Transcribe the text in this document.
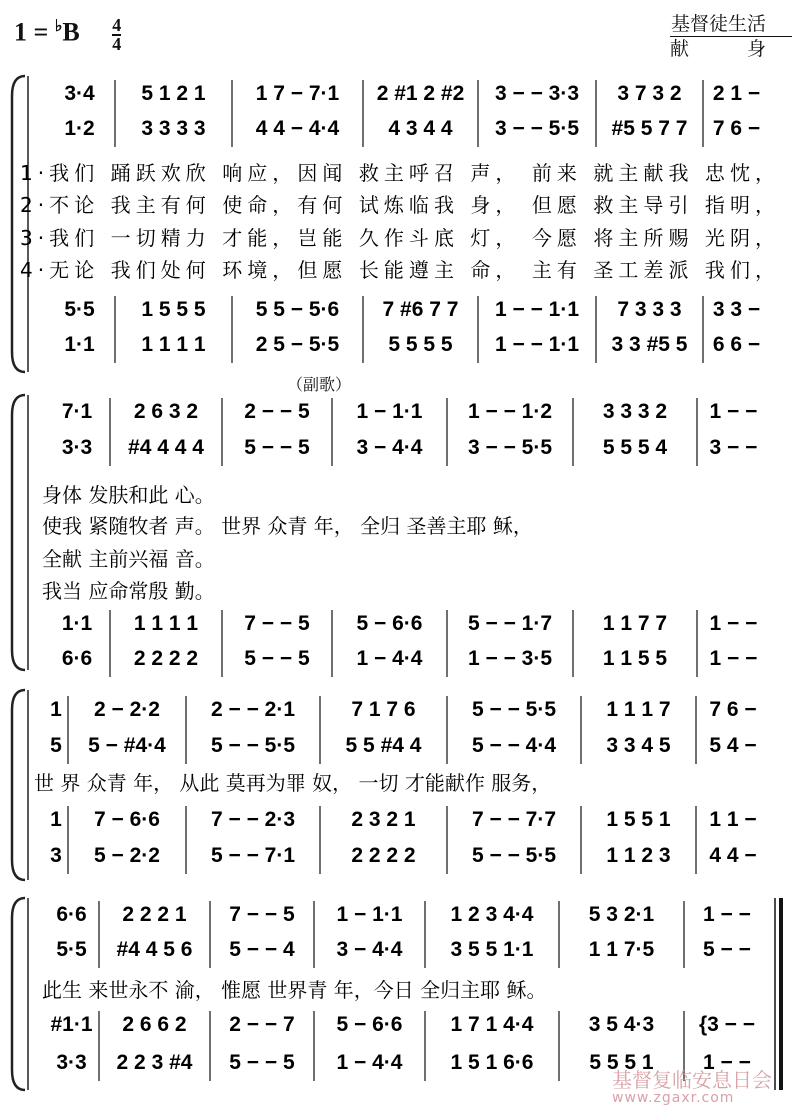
$1 = ^♭B \frac{4}{4}$	基督徒生活
献 身
（副歌）
3·4 5 1 2 1 1 7 − 7·1 2 #1 2 #2 3 − − 3·3 3 7 3 2 2 1 −
1·2 3 3 3 3 4 4 − 4·4 4 3 4 4 3 − − 5·5 #5 5 7 7 7 6 −
5·5 1 5 5 5 5 5 − 5·6 7 #6 7 7 1 − − 1·1 7 3 3 3 3 3 −
1·1 1 1 1 1 2 5 − 5·5 5 5 5 5 1 − − 1·1 3 3 #5 5 6 6 −
1·我们 踊跃欢欣 响应，因闻 救主呼召 声， 前来 就主献我 忠忱，
2·不论 我主有何 使命，有何 试炼临我 身， 但愿 救主导引 指明，
3·我们 一切精力 才能，岂能 久作斗底 灯， 今愿 将主所赐 光阴，
4·无论 我们处何 环境，但愿 长能遵主 命， 主有 圣工差派 我们，
7·1 2 6 3 2 2 − − 5 1 − 1·1 1 − − 1·2 3 3 3 2 1 − −
3·3 #4 4 4 4 5 − − 5 3 − 4·4 3 − − 5·5 5 5 5 4 3 − −
1·1 1 1 1 1 7 − − 5 5 − 6·6 5 − − 1·7 1 1 7 7 1 − −
6·6 2 2 2 2 5 − − 5 1 − 4·4 1 − − 3·5 1 1 5 5 1 − −
身体 发肤和此 心。
使我 紧随牧者 声。 世界 众青 年， 全归 圣善主耶 稣，
全献 主前兴福 音。
我当 应命常殷 勤。
1 2 − 2·2 2 − − 2·1	7 1 7 6	5 − − 5·5 1 1 1 7 7 6 −
5 5 − #4·4 5 − − 5·5 5 5 #4 4 5 − − 4·4 3 3 4 5 5 4 −
1 7 − 6·6 7 − − 2·3	2 3 2 1	7 − − 7·7 1 5 5 1 1 1 −
3 5 − 2·2 5 − − 7·1	2 2 2 2	5 − − 5·5 1 1 2 3 4 4 −
世 界 众青 年， 从此 莫再为罪 奴， 一切 才能献作 服务，
6·6 2 2 2 1 7 − − 5 1 − 1·1 1 2 3 4·4	5 3 2·1 1 − −
5·5 #4 4 5 6 5 − − 4 3 − 4·4 3 5 5 1·1	1 1 7·5 5 − −
#1·1 2 6 6 2 2 − − 7 5 − 6·6 1 7 1 4·4	3 5 4·3 {3 − −
3·3 2 2 3 #4 5 − − 5 1 − 4·4 1 5 1 6·6	5 5 5 1 1 − −
此生 来世永不 渝， 惟愿 世界青 年，今日 全归主耶 稣。
基督复临安息日会
www.zgaxr.com
